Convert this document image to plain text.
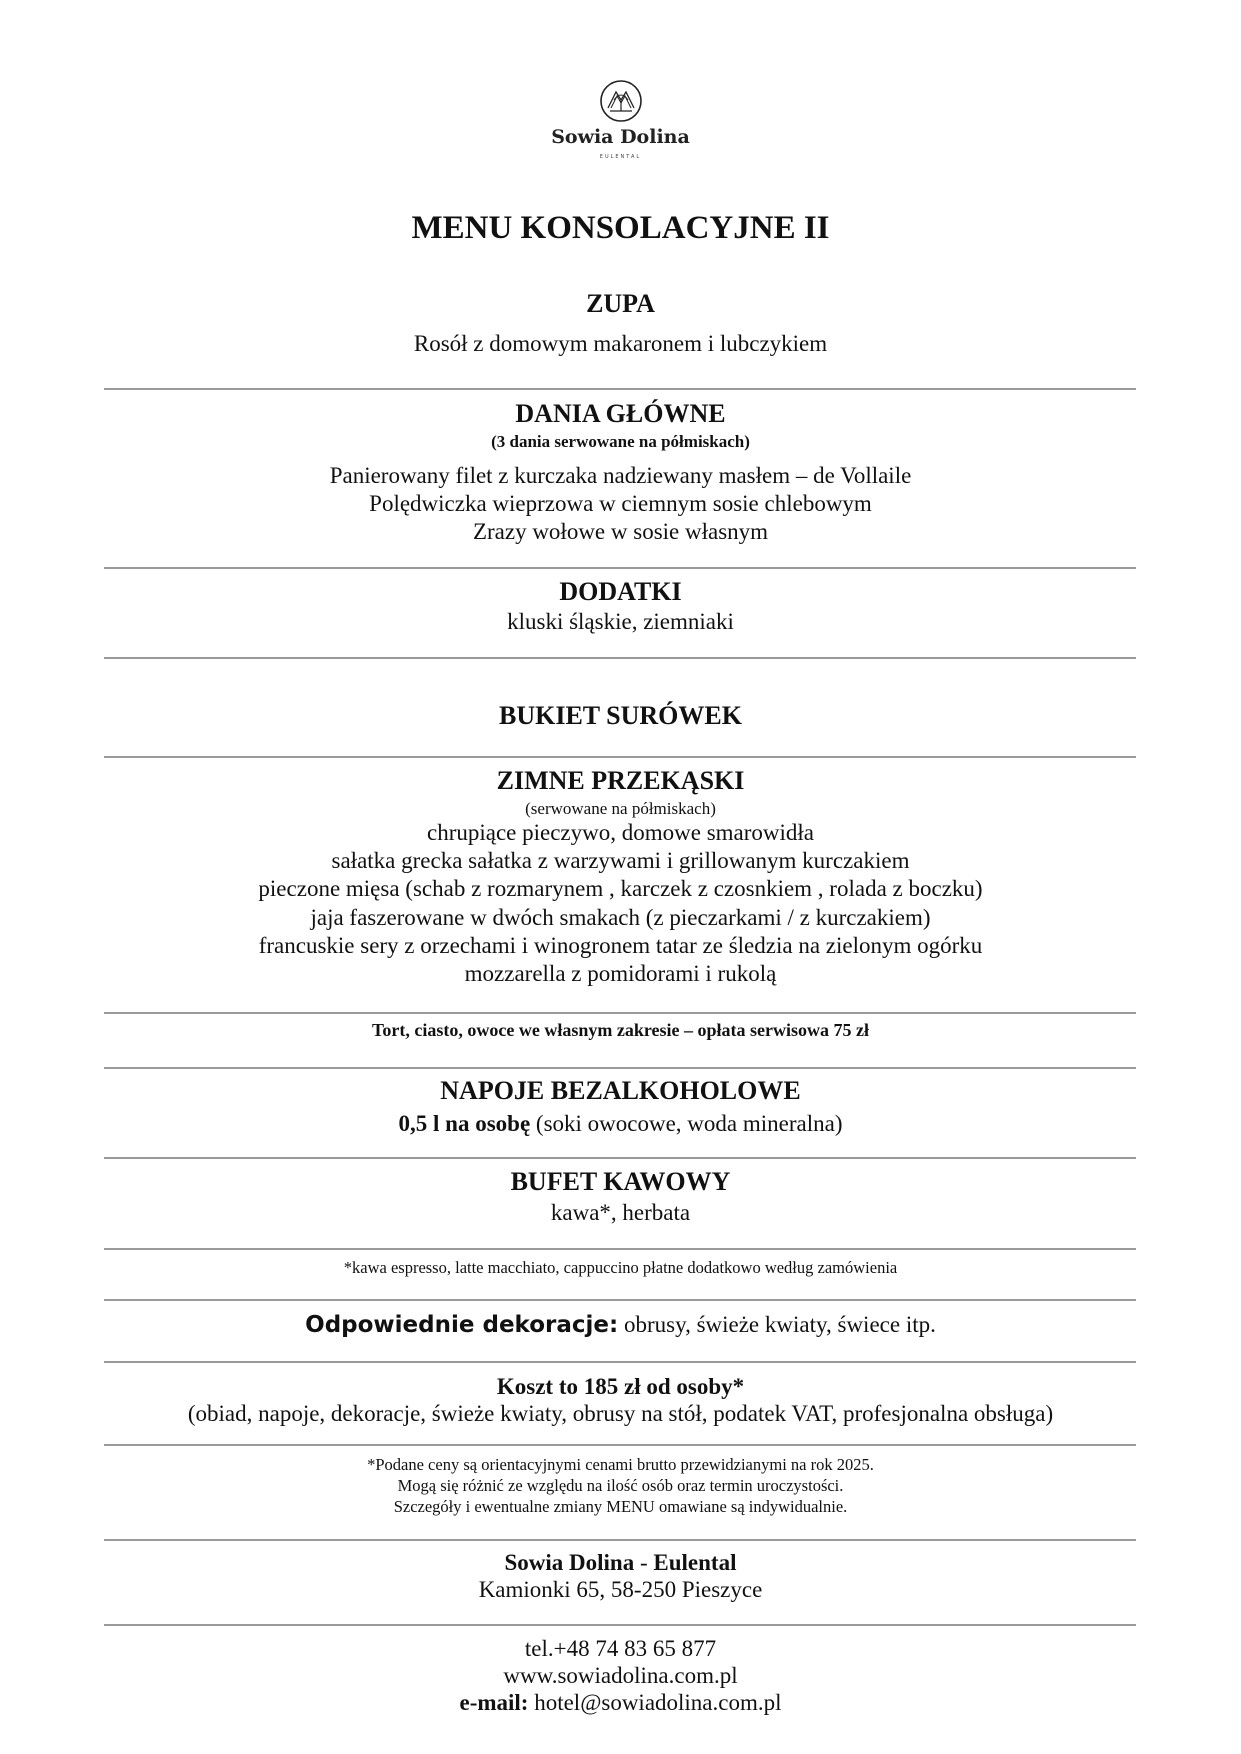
Sowia Dolina
EULENTAL
MENU KONSOLACYJNE II
ZUPA
Rosół z domowym makaronem i lubczykiem
DANIA GŁÓWNE
(3 dania serwowane na półmiskach)
Panierowany filet z kurczaka nadziewany masłem – de Vollaile
Polędwiczka wieprzowa w ciemnym sosie chlebowym
Zrazy wołowe w sosie własnym
DODATKI
kluski śląskie, ziemniaki
BUKIET SURÓWEK
ZIMNE PRZEKĄSKI
(serwowane na półmiskach)
chrupiące pieczywo, domowe smarowidła
sałatka grecka sałatka z warzywami i grillowanym kurczakiem
pieczone mięsa (schab z rozmarynem , karczek z czosnkiem , rolada z boczku)
jaja faszerowane w dwóch smakach (z pieczarkami / z kurczakiem)
francuskie sery z orzechami i winogronem tatar ze śledzia na zielonym ogórku
mozzarella z pomidorami i rukolą
Tort, ciasto, owoce we własnym zakresie – opłata serwisowa 75 zł
NAPOJE BEZALKOHOLOWE
0,5 l na osobę (soki owocowe, woda mineralna)
BUFET KAWOWY
kawa*, herbata
*kawa espresso, latte macchiato, cappuccino płatne dodatkowo według zamówienia
Odpowiednie dekoracje: obrusy, świeże kwiaty, świece itp.
Koszt to 185 zł od osoby*
(obiad, napoje, dekoracje, świeże kwiaty, obrusy na stół, podatek VAT, profesjonalna obsługa)
*Podane ceny są orientacyjnymi cenami brutto przewidzianymi na rok 2025.
Mogą się różnić ze względu na ilość osób oraz termin uroczystości.
Szczegóły i ewentualne zmiany MENU omawiane są indywidualnie.
Sowia Dolina - Eulental
Kamionki 65, 58-250 Pieszyce
tel.+48 74 83 65 877
www.sowiadolina.com.pl
e-mail: hotel@sowiadolina.com.pl
